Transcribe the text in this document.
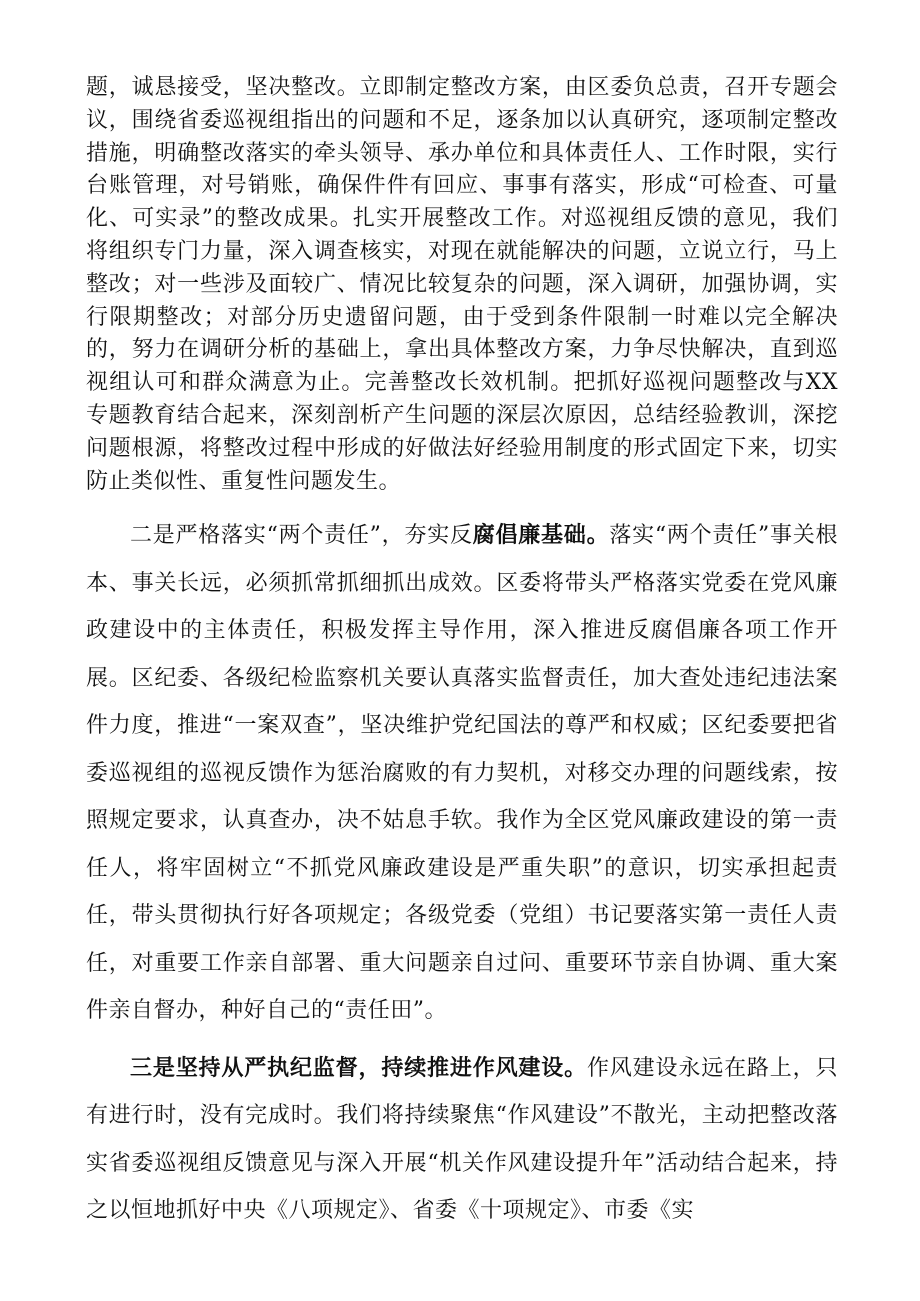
题，诚恳接受，坚决整改。立即制定整改方案，由区委负总责，召开专题会议，围绕省委巡视组指出的问题和不足，逐条加以认真研究，逐项制定整改措施，明确整改落实的牵头领导、承办单位和具体责任人、工作时限，实行台账管理，对号销账，确保件件有回应、事事有落实，形成“可检查、可量化、可实录”的整改成果。扎实开展整改工作。对巡视组反馈的意见，我们将组织专门力量，深入调查核实，对现在就能解决的问题，立说立行，马上整改；对一些涉及面较广、情况比较复杂的问题，深入调研，加强协调，实行限期整改；对部分历史遗留问题，由于受到条件限制一时难以完全解决的，努力在调研分析的基础上，拿出具体整改方案，力争尽快解决，直到巡视组认可和群众满意为止。完善整改长效机制。把抓好巡视问题整改与XX专题教育结合起来，深刻剖析产生问题的深层次原因，总结经验教训，深挖问题根源，将整改过程中形成的好做法好经验用制度的形式固定下来，切实防止类似性、重复性问题发生。

二是严格落实“两个责任”，夯实反腐倡廉基础。落实“两个责任”事关根本、事关长远，必须抓常抓细抓出成效。区委将带头严格落实党委在党风廉政建设中的主体责任，积极发挥主导作用，深入推进反腐倡廉各项工作开展。区纪委、各级纪检监察机关要认真落实监督责任，加大查处违纪违法案件力度，推进“一案双查”，坚决维护党纪国法的尊严和权威；区纪委要把省委巡视组的巡视反馈作为惩治腐败的有力契机，对移交办理的问题线索，按照规定要求，认真查办，决不姑息手软。我作为全区党风廉政建设的第一责任人，将牢固树立“不抓党风廉政建设是严重失职”的意识，切实承担起责任，带头贯彻执行好各项规定；各级党委（党组）书记要落实第一责任人责任，对重要工作亲自部署、重大问题亲自过问、重要环节亲自协调、重大案件亲自督办，种好自己的“责任田”。

三是坚持从严执纪监督，持续推进作风建设。作风建设永远在路上，只有进行时，没有完成时。我们将持续聚焦“作风建设”不散光，主动把整改落实省委巡视组反馈意见与深入开展“机关作风建设提升年”活动结合起来，持之以恒地抓好中央《八项规定》、省委《十项规定》、市委《实
